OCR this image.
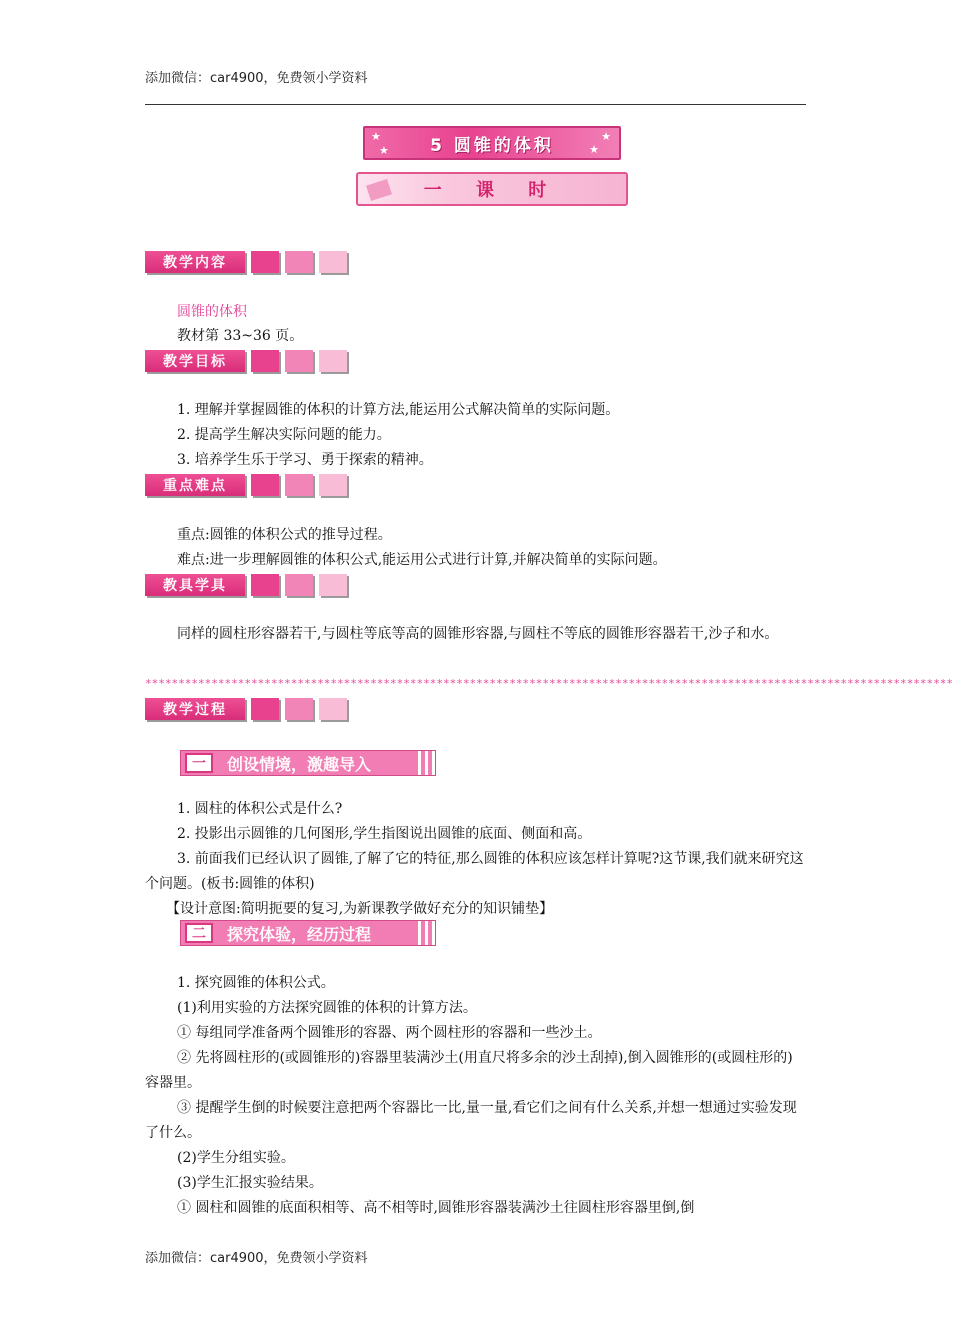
添加微信：car4900，免费领小学资料
★
★
★
★
5 圆锥的体积
一 课 时
教学内容
圆锥的体积
教材第 33~36 页。
教学目标
1. 理解并掌握圆锥的体积的计算方法,能运用公式解决简单的实际问题。
2. 提高学生解决实际问题的能力。
3. 培养学生乐于学习、勇于探索的精神。
重点难点
重点:圆锥的体积公式的推导过程。
难点:进一步理解圆锥的体积公式,能运用公式进行计算,并解决简单的实际问题。
教具学具
同样的圆柱形容器若干,与圆柱等底等高的圆锥形容器,与圆柱不等底的圆锥形容器若干,沙子和水。
**************************************************************************************************************************
教学过程
一	创设情境，激趣导入
1. 圆柱的体积公式是什么?
2. 投影出示圆锥的几何图形,学生指图说出圆锥的底面、侧面和高。
3. 前面我们已经认识了圆锥,了解了它的特征,那么圆锥的体积应该怎样计算呢?这节课,我们就来研究这个问题。(板书:圆锥的体积)
【设计意图:简明扼要的复习,为新课教学做好充分的知识铺垫】
二	探究体验，经历过程
1. 探究圆锥的体积公式。
(1)利用实验的方法探究圆锥的体积的计算方法。
① 每组同学准备两个圆锥形的容器、两个圆柱形的容器和一些沙土。
② 先将圆柱形的(或圆锥形的)容器里装满沙土(用直尺将多余的沙土刮掉),倒入圆锥形的(或圆柱形的)容器里。
③ 提醒学生倒的时候要注意把两个容器比一比,量一量,看它们之间有什么关系,并想一想通过实验发现了什么。
(2)学生分组实验。
(3)学生汇报实验结果。
① 圆柱和圆锥的底面积相等、高不相等时,圆锥形容器装满沙土往圆柱形容器里倒,倒
添加微信：car4900，免费领小学资料
